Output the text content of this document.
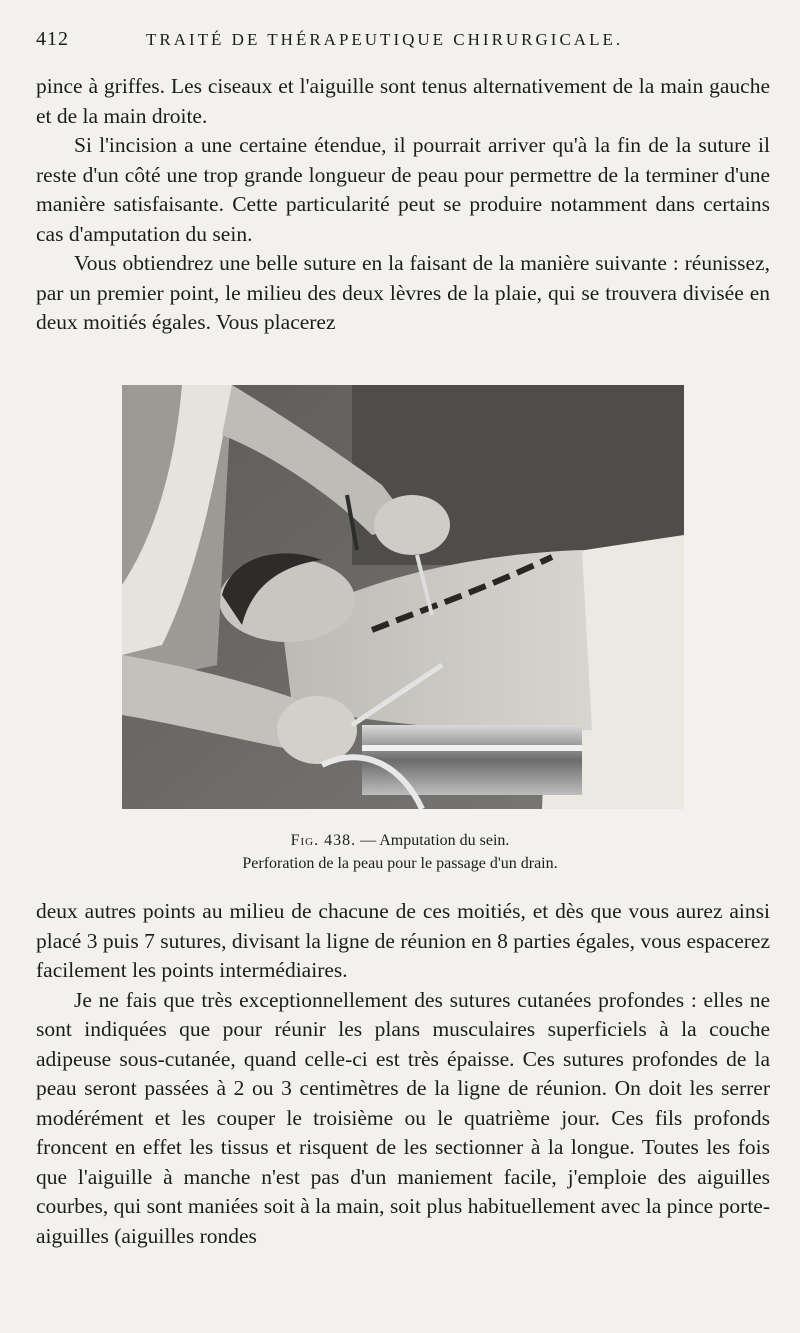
412	TRAITÉ DE THÉRAPEUTIQUE CHIRURGICALE.

pince à griffes. Les ciseaux et l'aiguille sont tenus alternativement de la main gauche et de la main droite.

Si l'incision a une certaine étendue, il pourrait arriver qu'à la fin de la suture il reste d'un côté une trop grande longueur de peau pour permettre de la terminer d'une manière satisfaisante. Cette particularité peut se produire notamment dans certains cas d'amputation du sein.

Vous obtiendrez une belle suture en la faisant de la manière suivante : réunissez, par un premier point, le milieu des deux lèvres de la plaie, qui se trouvera divisée en deux moitiés égales. Vous placerez

Fig. 438. — Amputation du sein.
Perforation de la peau pour le passage d'un drain.

deux autres points au milieu de chacune de ces moitiés, et dès que vous aurez ainsi placé 3 puis 7 sutures, divisant la ligne de réunion en 8 parties égales, vous espacerez facilement les points intermédiaires.

Je ne fais que très exceptionnellement des sutures cutanées profondes : elles ne sont indiquées que pour réunir les plans musculaires superficiels à la couche adipeuse sous-cutanée, quand celle-ci est très épaisse. Ces sutures profondes de la peau seront passées à 2 ou 3 centimètres de la ligne de réunion. On doit les serrer modérément et les couper le troisième ou le quatrième jour. Ces fils profonds froncent en effet les tissus et risquent de les sectionner à la longue. Toutes les fois que l'aiguille à manche n'est pas d'un maniement facile, j'emploie des aiguilles courbes, qui sont maniées soit à la main, soit plus habituellement avec la pince porte-aiguilles (aiguilles rondes
